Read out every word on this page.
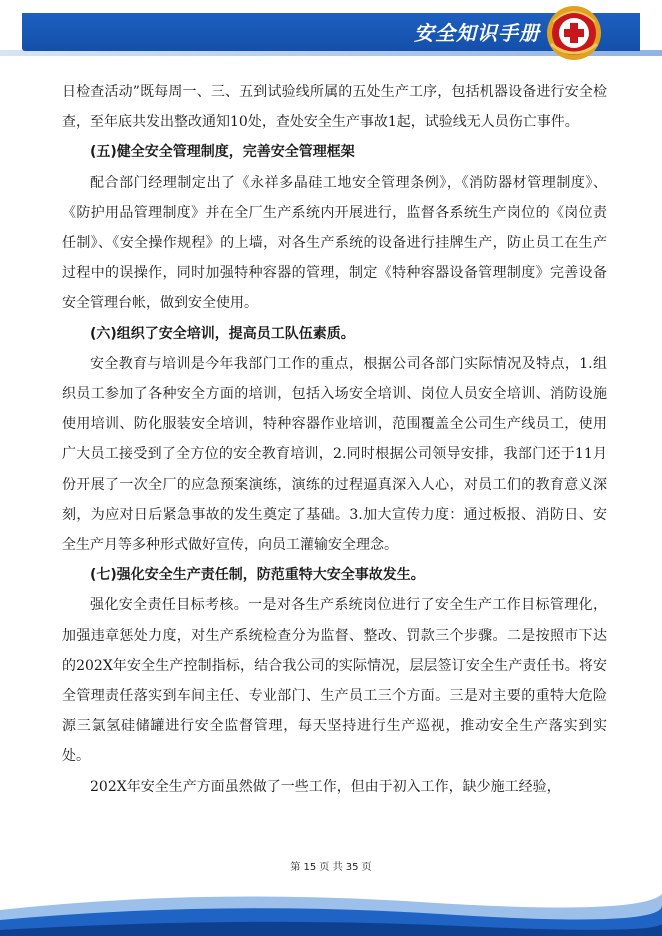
安全知识手册

日检查活动”既每周一、三、五到试验线所属的五处生产工序，包括机器设备进行安全检查，至年底共发出整改通知10处，查处安全生产事故1起，试验线无人员伤亡事件。

(五)健全安全管理制度，完善安全管理框架

配合部门经理制定出了《永祥多晶硅工地安全管理条例》，《消防器材管理制度》、《防护用品管理制度》并在全厂生产系统内开展进行，监督各系统生产岗位的《岗位责任制》、《安全操作规程》的上墙，对各生产系统的设备进行挂牌生产，防止员工在生产过程中的误操作，同时加强特种容器的管理，制定《特种容器设备管理制度》完善设备安全管理台帐，做到安全使用。

(六)组织了安全培训，提高员工队伍素质。

安全教育与培训是今年我部门工作的重点，根据公司各部门实际情况及特点，1.组织员工参加了各种安全方面的培训，包括入场安全培训、岗位人员安全培训、消防设施使用培训、防化服装安全培训，特种容器作业培训，范围覆盖全公司生产线员工，使用广大员工接受到了全方位的安全教育培训，2.同时根据公司领导安排，我部门还于11月份开展了一次全厂的应急预案演练，演练的过程逼真深入人心，对员工们的教育意义深刻，为应对日后紧急事故的发生奠定了基础。3.加大宣传力度：通过板报、消防日、安全生产月等多种形式做好宣传，向员工灌输安全理念。

(七)强化安全生产责任制，防范重特大安全事故发生。

强化安全责任目标考核。一是对各生产系统岗位进行了安全生产工作目标管理化，加强违章惩处力度，对生产系统检查分为监督、整改、罚款三个步骤。二是按照市下达的202X年安全生产控制指标，结合我公司的实际情况，层层签订安全生产责任书。将安全管理责任落实到车间主任、专业部门、生产员工三个方面。三是对主要的重特大危险源三氯氢硅储罐进行安全监督管理，每天坚持进行生产巡视，推动安全生产落实到实处。

202X年安全生产方面虽然做了一些工作，但由于初入工作，缺少施工经验，

第 15 页 共 35 页
